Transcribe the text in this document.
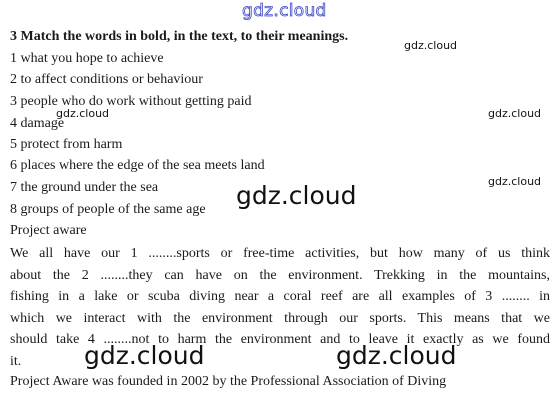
gdz.cloud
3 Match the words in bold, in the text, to their meanings.
gdz.cloud
1 what you hope to achieve
2 to affect conditions or behaviour
3 people who do work without getting paid
4 damage
gdz.cloud	gdz.cloud
5 protect from harm
6 places where the edge of the sea meets land
7 the ground under the sea	gdz.cloud
8 groups of people of the same age gdz.cloud
Project aware
We all have our 1 ........sports or free-time activities, but how many of us think
about the 2 ........they can have on the environment. Trekking in the mountains,
fishing in a lake or scuba diving near a coral reef are all examples of 3 ........ in
which we interact with the environment through our sports. This means that we
should take 4 ........not to harm the environment and to leave it exactly as we found
it.	gdz.cloud	gdz.cloud
Project Aware was founded in 2002 by the Professional Association of Diving
